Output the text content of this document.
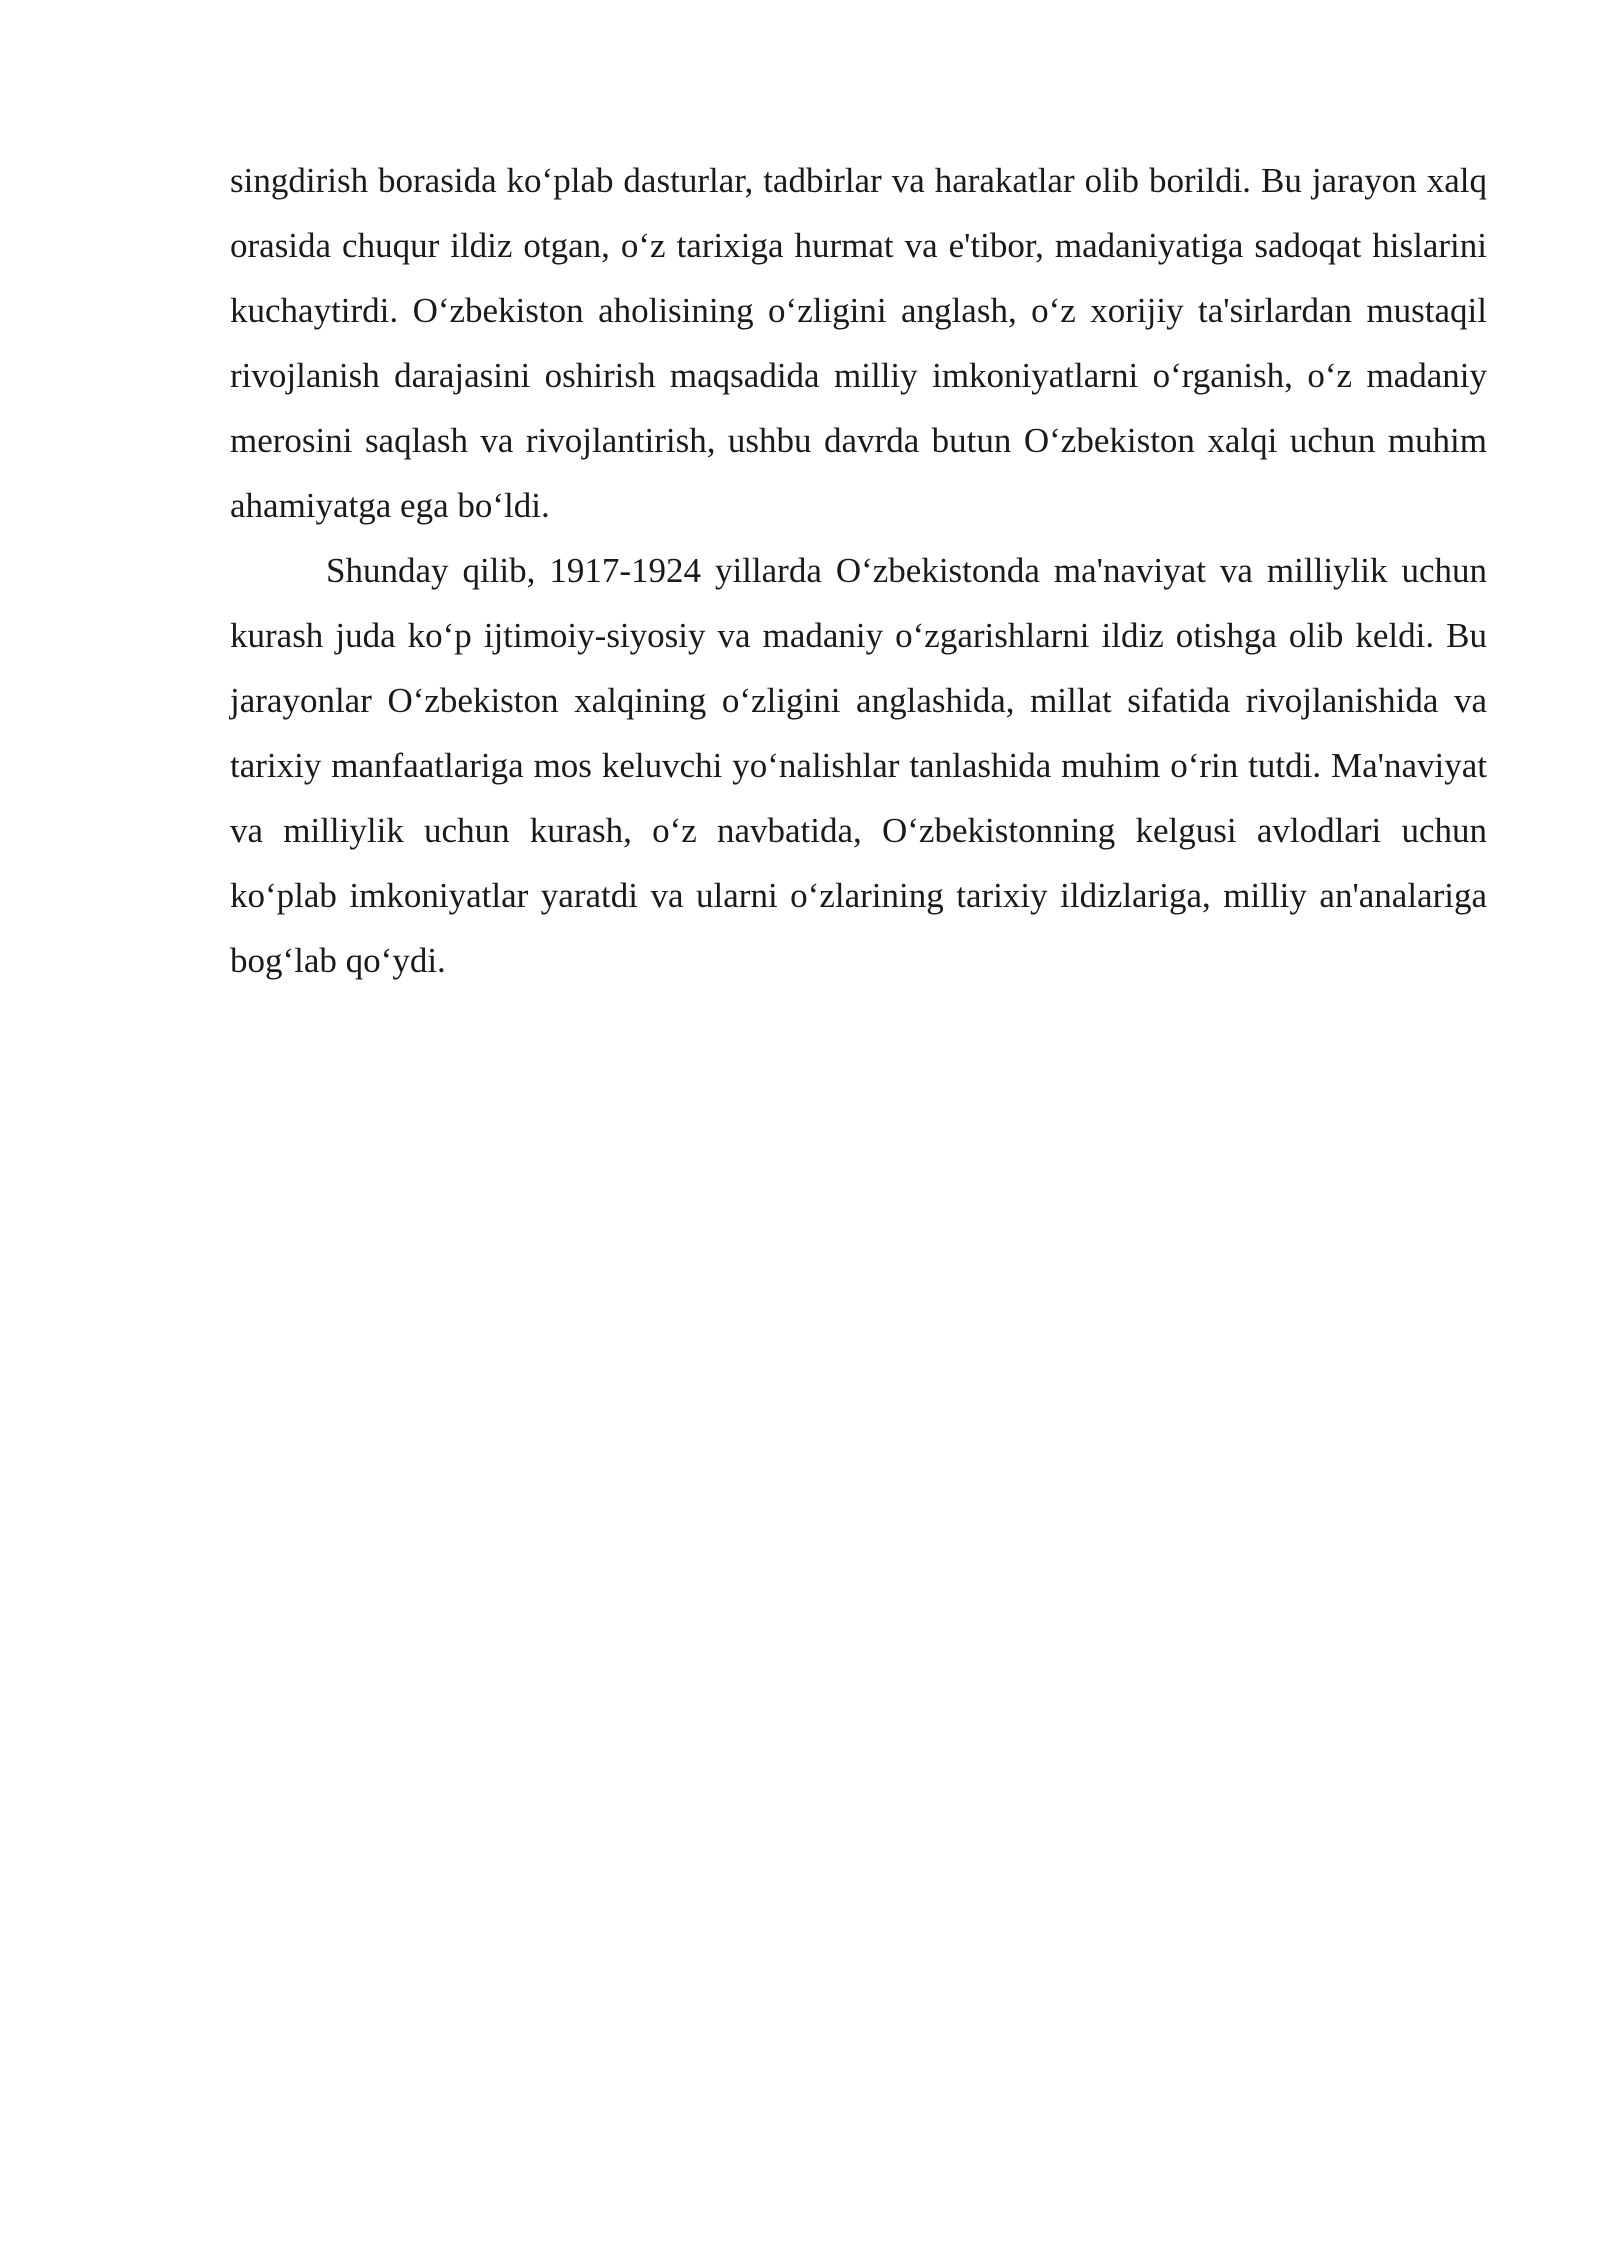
singdirish borasida ko‘plab dasturlar, tadbirlar va harakatlar olib borildi. Bu jarayon xalq orasida chuqur ildiz otgan, o‘z tarixiga hurmat va e'tibor, madaniyatiga sadoqat hislarini kuchaytirdi. O‘zbekiston aholisining o‘zligini anglash, o‘z xorijiy ta'sirlardan mustaqil rivojlanish darajasini oshirish maqsadida milliy imkoniyatlarni o‘rganish, o‘z madaniy merosini saqlash va rivojlantirish, ushbu davrda butun O‘zbekiston xalqi uchun muhim ahamiyatga ega bo‘ldi.

Shunday qilib, 1917-1924 yillarda O‘zbekistonda ma'naviyat va milliylik uchun kurash juda ko‘p ijtimoiy-siyosiy va madaniy o‘zgarishlarni ildiz otishga olib keldi. Bu jarayonlar O‘zbekiston xalqining o‘zligini anglashida, millat sifatida rivojlanishida va tarixiy manfaatlariga mos keluvchi yo‘nalishlar tanlashida muhim o‘rin tutdi. Ma'naviyat va milliylik uchun kurash, o‘z navbatida, O‘zbekistonning kelgusi avlodlari uchun ko‘plab imkoniyatlar yaratdi va ularni o‘zlarining tarixiy ildizlariga, milliy an'analariga bog‘lab qo‘ydi.
